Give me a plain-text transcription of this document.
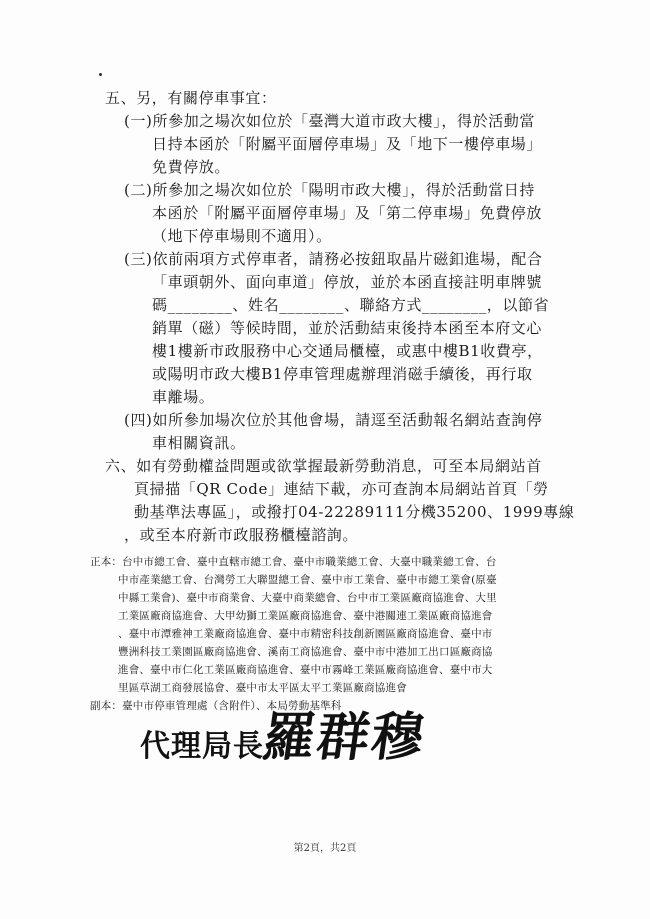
五、另，有關停車事宜：
(一)所參加之場次如位於「臺灣大道市政大樓」，得於活動當
日持本函於「附屬平面層停車場」及「地下一樓停車場」
免費停放。
(二)所參加之場次如位於「陽明市政大樓」，得於活動當日持
本函於「附屬平面層停車場」及「第二停車場」免費停放
（地下停車場則不適用）。
(三)依前兩項方式停車者，請務必按鈕取晶片磁釦進場，配合
「車頭朝外、面向車道」停放，並於本函直接註明車牌號
碼________、姓名________、聯絡方式________，以節省
銷單（磁）等候時間，並於活動結束後持本函至本府文心
樓1樓新市政服務中心交通局櫃檯，或惠中樓B1收費亭，
或陽明市政大樓B1停車管理處辦理消磁手續後，再行取
車離場。
(四)如所參加場次位於其他會場，請逕至活動報名網站查詢停
車相關資訊。
六、如有勞動權益問題或欲掌握最新勞動消息，可至本局網站首
頁掃描「QR Code」連結下載，亦可查詢本局網站首頁「勞
動基準法專區」，或撥打04-22289111分機35200、1999專線
，或至本府新市政服務櫃檯諮詢。
正本：台中市總工會、臺中直轄市總工會、臺中市職業總工會、大臺中職業總工會、台
中市產業總工會、台灣勞工大聯盟總工會、臺中市工業會、臺中市總工業會(原臺
中縣工業會)、臺中市商業會、大臺中商業總會、台中市工業區廠商協進會、大里
工業區廠商協進會、大甲幼獅工業區廠商協進會、臺中港關連工業區廠商協進會
、臺中市潭雅神工業廠商協進會、臺中市精密科技創新園區廠商協進會、臺中市
豐洲科技工業園區廠商協進會、溪南工商協進會、臺中市中港加工出口區廠商協
進會、臺中市仁化工業區廠商協進會、臺中市霧峰工業區廠商協進會、臺中市大
里區草湖工商發展協會、臺中市太平區太平工業區廠商協進會
副本：臺中市停車管理處（含附件）、本局勞動基準科
代理局長
羅群穆
第2頁，共2頁
